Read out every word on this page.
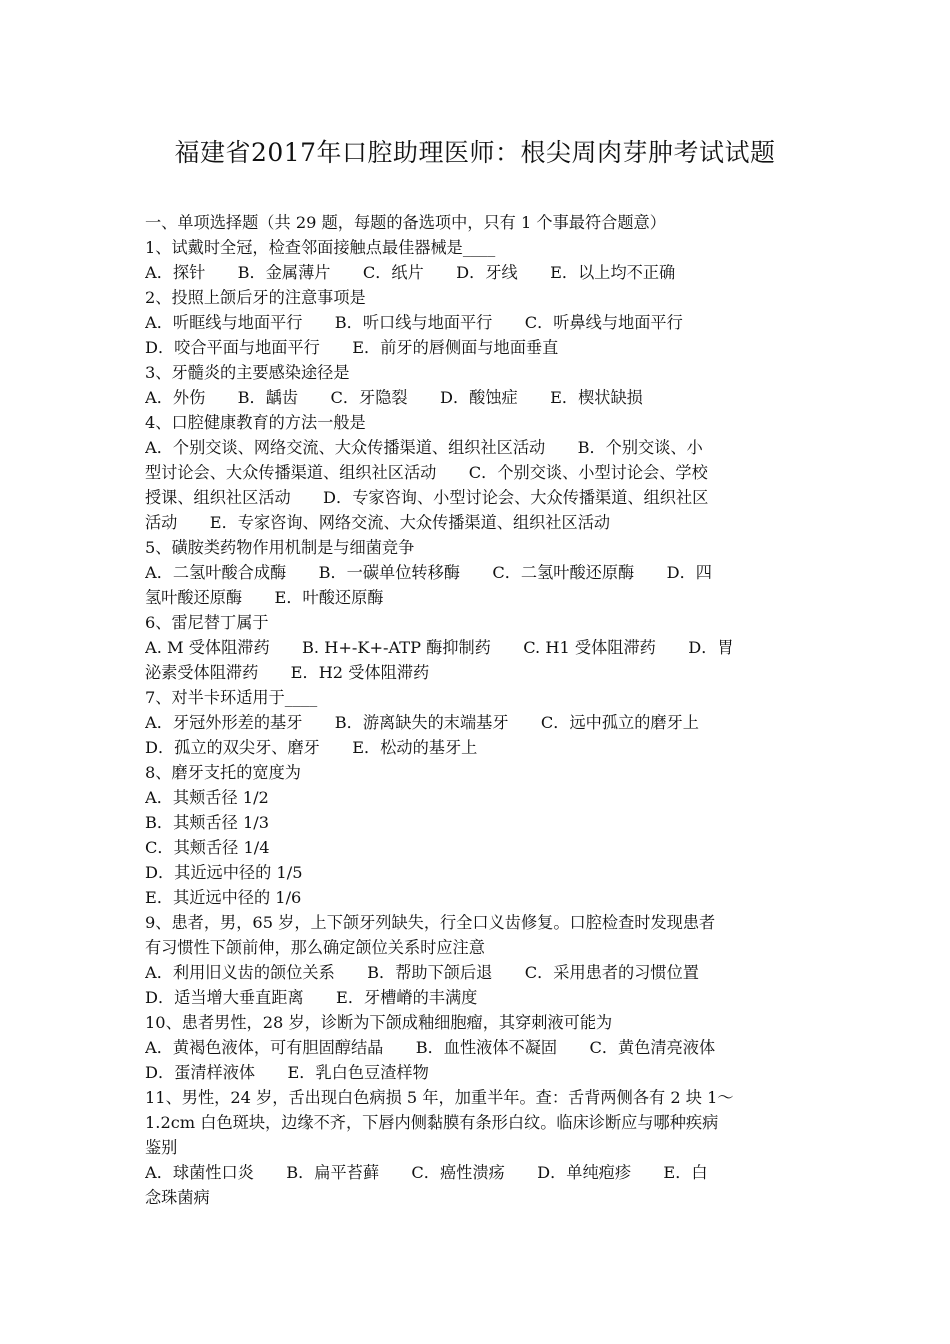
福建省2017年口腔助理医师：根尖周肉芽肿考试试题
一、单项选择题（共 29 题，每题的备选项中，只有 1 个事最符合题意）
1、试戴时全冠，检查邻面接触点最佳器械是____
A．探针　　B．金属薄片　　C．纸片　　D．牙线　　E．以上均不正确
2、投照上颌后牙的注意事项是
A．听眶线与地面平行　　B．听口线与地面平行　　C．听鼻线与地面平行
D．咬合平面与地面平行　　E．前牙的唇侧面与地面垂直
3、牙髓炎的主要感染途径是
A．外伤　　B．龋齿　　C．牙隐裂　　D．酸蚀症　　E．楔状缺损
4、口腔健康教育的方法一般是
A．个别交谈、网络交流、大众传播渠道、组织社区活动　　B．个别交谈、小
型讨论会、大众传播渠道、组织社区活动　　C．个别交谈、小型讨论会、学校
授课、组织社区活动　　D．专家咨询、小型讨论会、大众传播渠道、组织社区
活动　　E．专家咨询、网络交流、大众传播渠道、组织社区活动
5、磺胺类药物作用机制是与细菌竞争
A．二氢叶酸合成酶　　B．一碳单位转移酶　　C．二氢叶酸还原酶　　D．四
氢叶酸还原酶　　E．叶酸还原酶
6、雷尼替丁属于
A. M 受体阻滞药　　B. H+-K+-ATP 酶抑制药　　C. H1 受体阻滞药　　D．胃
泌素受体阻滞药　　E．H2 受体阻滞药
7、对半卡环适用于____
A．牙冠外形差的基牙　　B．游离缺失的末端基牙　　C．远中孤立的磨牙上
D．孤立的双尖牙、磨牙　　E．松动的基牙上
8、磨牙支托的宽度为
A．其颊舌径 1/2
B．其颊舌径 1/3
C．其颊舌径 1/4
D．其近远中径的 1/5
E．其近远中径的 1/6
9、患者，男，65 岁，上下颌牙列缺失，行全口义齿修复。口腔检查时发现患者
有习惯性下颌前伸，那么确定颌位关系时应注意
A．利用旧义齿的颌位关系　　B．帮助下颌后退　　C．采用患者的习惯位置
D．适当增大垂直距离　　E．牙槽嵴的丰满度
10、患者男性，28 岁，诊断为下颌成釉细胞瘤，其穿刺液可能为
A．黄褐色液体，可有胆固醇结晶　　B．血性液体不凝固　　C．黄色清亮液体
D．蛋清样液体　　E．乳白色豆渣样物
11、男性，24 岁，舌出现白色病损 5 年，加重半年。查：舌背两侧各有 2 块 1～
1.2cm 白色斑块，边缘不齐，下唇内侧黏膜有条形白纹。临床诊断应与哪种疾病
鉴别
A．球菌性口炎　　B．扁平苔藓　　C．癌性溃疡　　D．单纯疱疹　　E．白
念珠菌病
